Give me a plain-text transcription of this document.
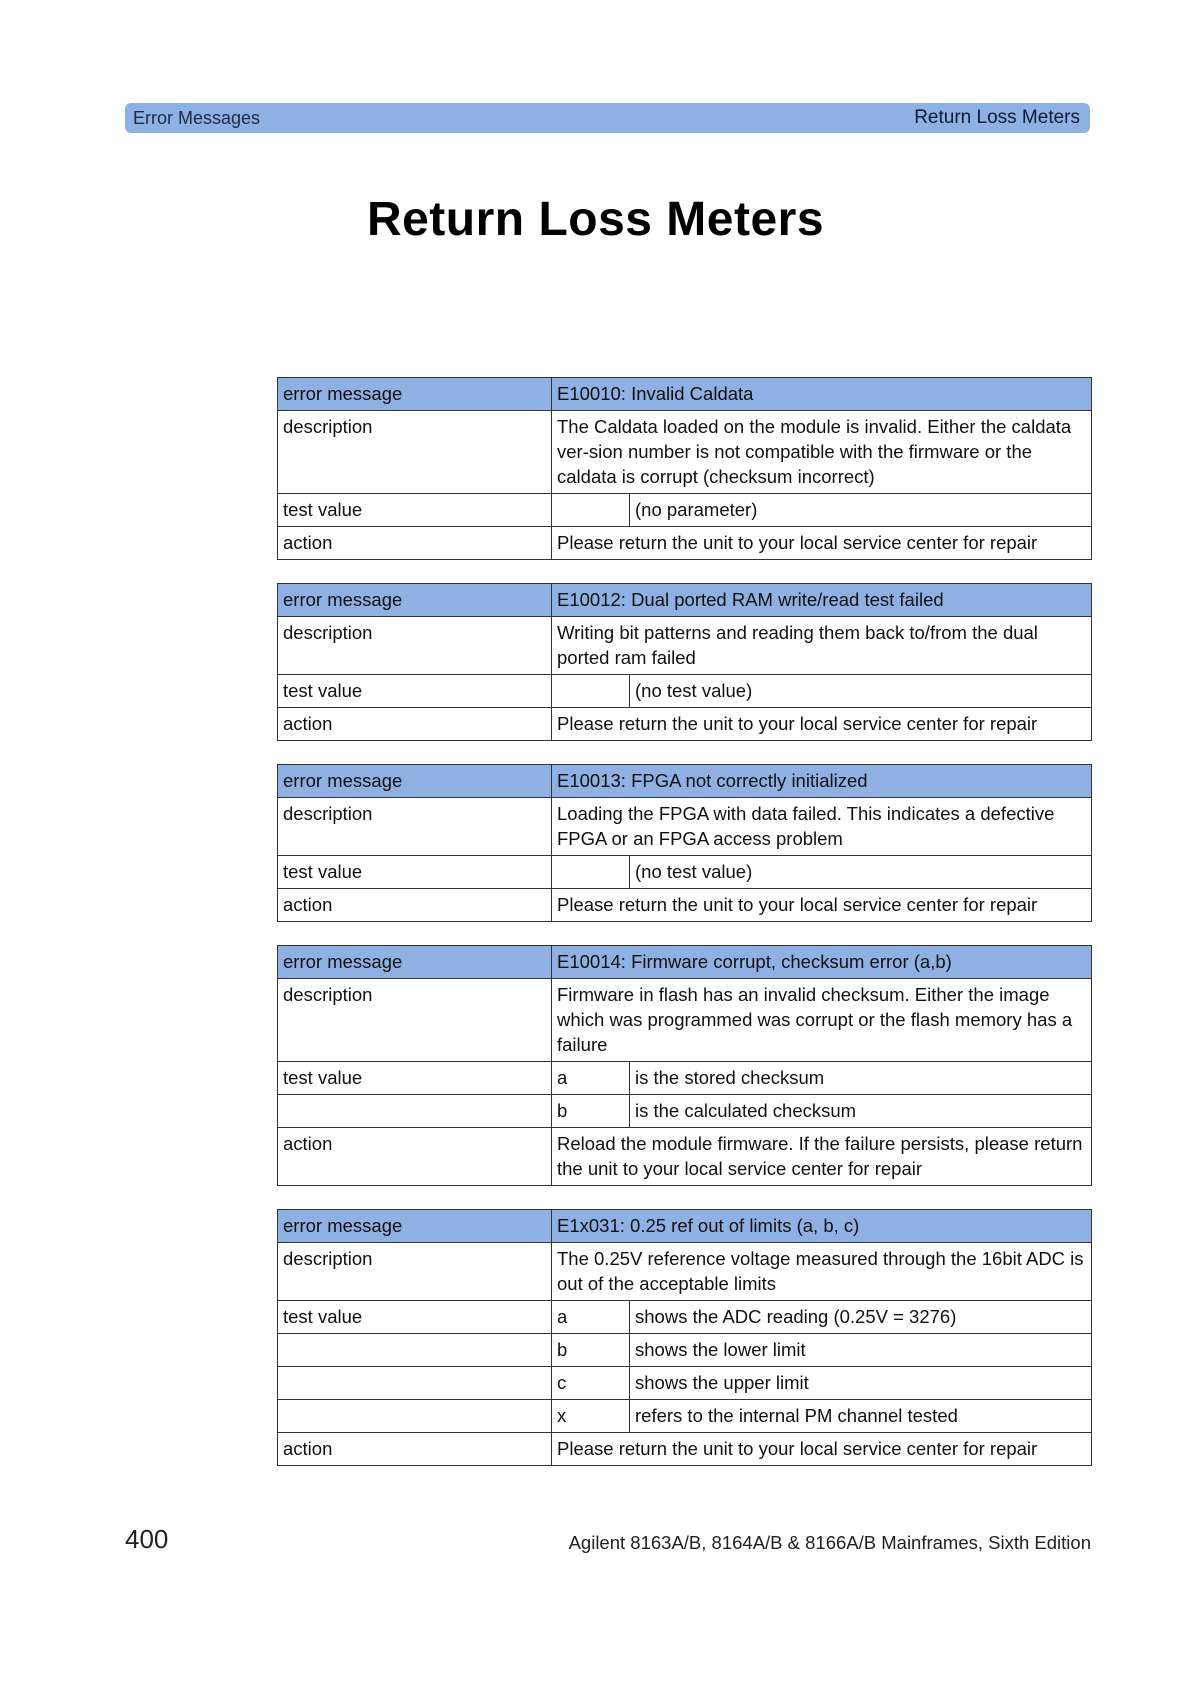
Error Messages	Return Loss Meters
Return Loss Meters
error message	E10010: Invalid Caldata	
description	The Caldata loaded on the module is invalid. Either the caldata ver-sion number is not compatible with the firmware or the caldata is corrupt (checksum incorrect)	
test value		(no parameter)
action	Please return the unit to your local service center for repair	
error message	E10012: Dual ported RAM write/read test failed	
description	Writing bit patterns and reading them back to/from the dual ported ram failed	
test value		(no test value)
action	Please return the unit to your local service center for repair	
error message	E10013: FPGA not correctly initialized	
description	Loading the FPGA with data failed. This indicates a defective FPGA or an FPGA access problem	
test value		(no test value)
action	Please return the unit to your local service center for repair	
error message	E10014: Firmware corrupt, checksum error (a,b)	
description	Firmware in flash has an invalid checksum. Either the image which was programmed was corrupt or the flash memory has a failure	
test value	a	is the stored checksum
	b	is the calculated checksum
action	Reload the module firmware. If the failure persists, please return the unit to your local service center for repair	
error message	E1x031: 0.25 ref out of limits (a, b, c)	
description	The 0.25V reference voltage measured through the 16bit ADC is out of the acceptable limits	
test value	a	shows the ADC reading (0.25V = 3276)
	b	shows the lower limit
	c	shows the upper limit
	x	refers to the internal PM channel tested
action	Please return the unit to your local service center for repair	
400	Agilent 8163A/B, 8164A/B & 8166A/B Mainframes, Sixth Edition
